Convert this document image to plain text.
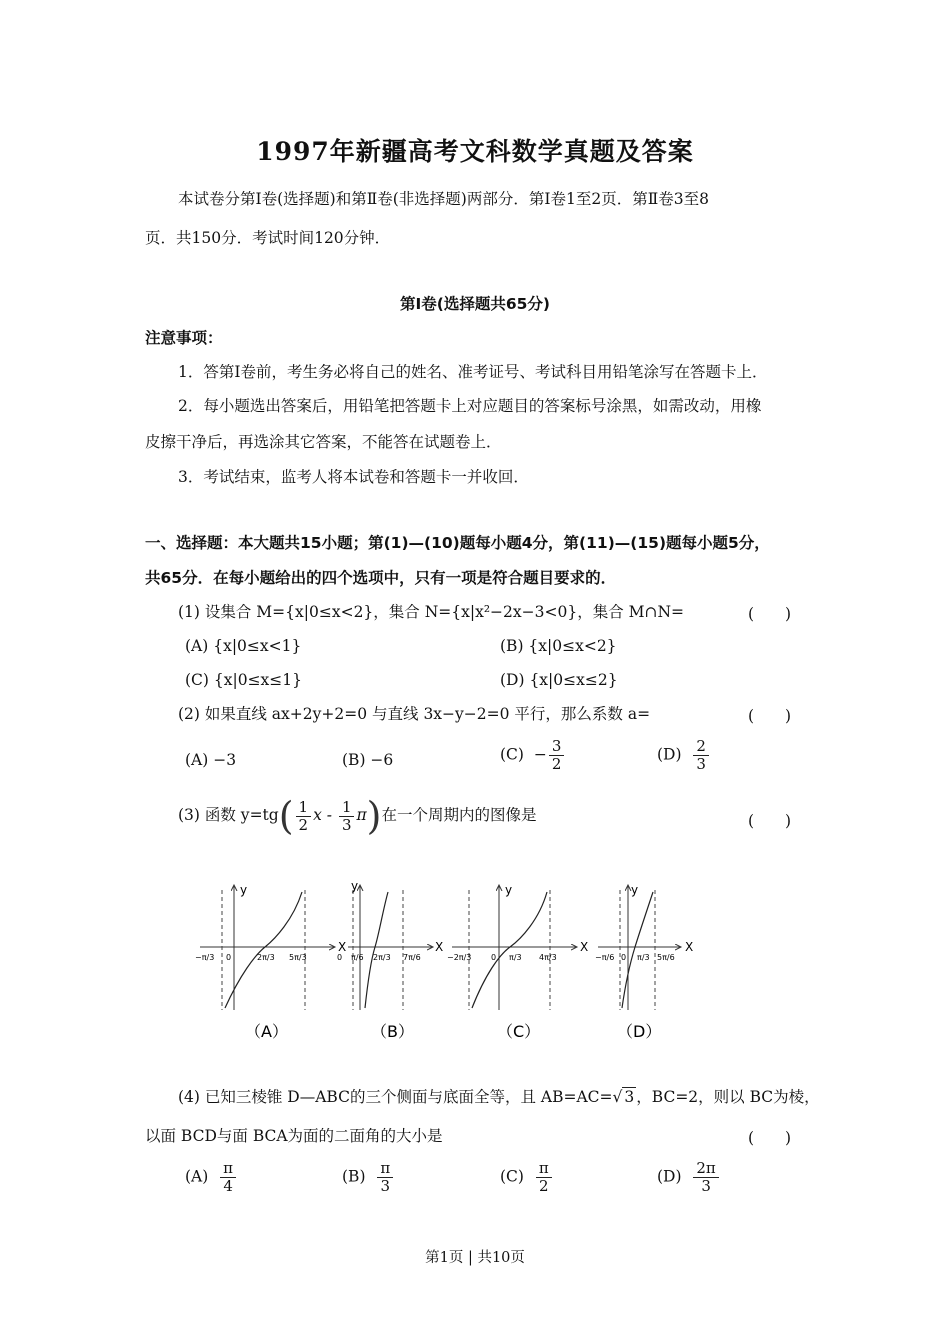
1997年新疆高考文科数学真题及答案
本试卷分第Ⅰ卷(选择题)和第Ⅱ卷(非选择题)两部分．第Ⅰ卷1至2页．第Ⅱ卷3至8
页．共150分．考试时间120分钟．
第Ⅰ卷(选择题共65分)
注意事项：
1．答第Ⅰ卷前，考生务必将自己的姓名、准考证号、考试科目用铅笔涂写在答题卡上．
2．每小题选出答案后，用铅笔把答题卡上对应题目的答案标号涂黑，如需改动，用橡
皮擦干净后，再选涂其它答案，不能答在试题卷上．
3．考试结束，监考人将本试卷和答题卡一并收回．
一、选择题：本大题共15小题；第(1)—(10)题每小题4分，第(11)—(15)题每小题5分，
共65分．在每小题给出的四个选项中，只有一项是符合题目要求的．
(1) 设集合 M={x|0≤x<2}，集合 N={x|x²−2x−3<0}，集合 M∩N=	(　　)
(A) {x|0≤x<1}	(B) {x|0≤x<2}
(C) {x|0≤x≤1}	(D) {x|0≤x≤2}
(2) 如果直线 ax+2y+2=0 与直线 3x−y−2=0 平行，那么系数 a=	(　　)
(A) −3	(B) −6	$(C) - \frac{3}{2}$	$(D) \frac{2}{3}$
(3) 函数 $y=tg( \frac{1}{2}$ x - $\frac{1}{3} \pi$)在一个周期内的图像是	(　　)
X
y
−π/3 0	2π/3 5π/3
（A）
X
y
0 π/6 2π/3 7π/6
（B）
X
y
−2π/3 0 π/3 4π/3
（C）
X
y
−π/6 0 π/3 5π/6
（D）
(4) 已知三棱锥 D—ABC的三个侧面与底面全等，且 AB=AC=√ 3 ，BC=2，则以 BC为棱，
以面 BCD与面 BCA为面的二面角的大小是	(　　)
$(A) \frac{\pi}{4}$	$(B) \frac{\pi}{3}$	$(C) \frac{\pi}{2}$	$(D) \frac{2\pi}{3}$
第1页 | 共10页
